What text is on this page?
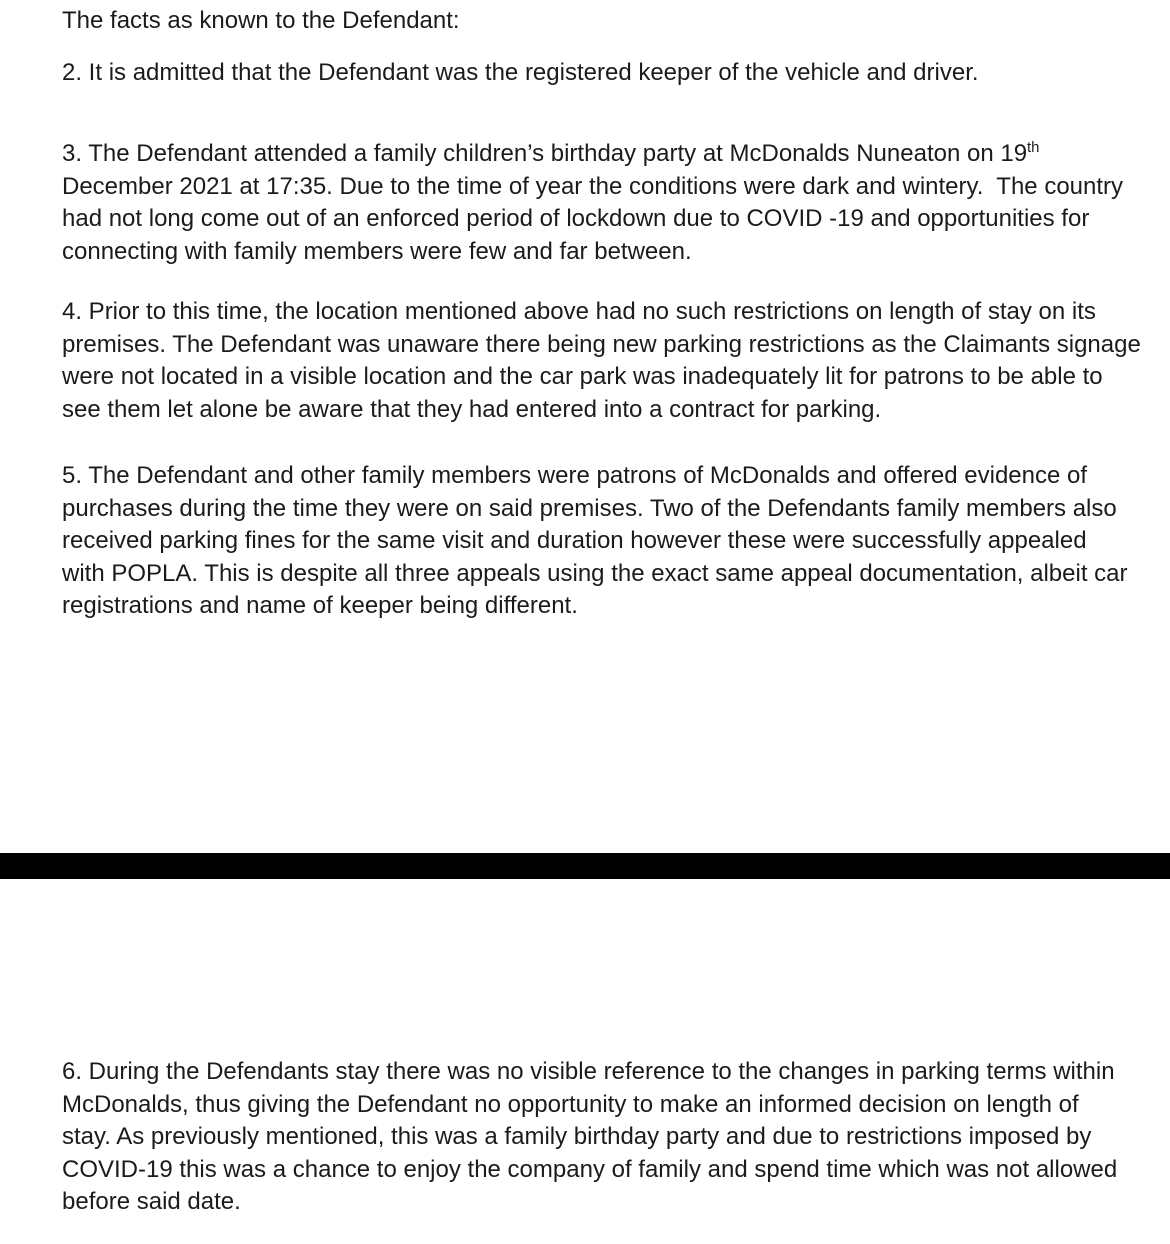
The facts as known to the Defendant:
2. It is admitted that the Defendant was the registered keeper of the vehicle and driver.
3. The Defendant attended a family children’s birthday party at McDonalds Nuneaton on 19th
December 2021 at 17:35. Due to the time of year the conditions were dark and wintery.  The country
had not long come out of an enforced period of lockdown due to COVID -19 and opportunities for
connecting with family members were few and far between.
4. Prior to this time, the location mentioned above had no such restrictions on length of stay on its
premises. The Defendant was unaware there being new parking restrictions as the Claimants signage
were not located in a visible location and the car park was inadequately lit for patrons to be able to
see them let alone be aware that they had entered into a contract for parking.
5. The Defendant and other family members were patrons of McDonalds and offered evidence of
purchases during the time they were on said premises. Two of the Defendants family members also
received parking fines for the same visit and duration however these were successfully appealed
with POPLA. This is despite all three appeals using the exact same appeal documentation, albeit car
registrations and name of keeper being different.
6. During the Defendants stay there was no visible reference to the changes in parking terms within
McDonalds, thus giving the Defendant no opportunity to make an informed decision on length of
stay. As previously mentioned, this was a family birthday party and due to restrictions imposed by
COVID-19 this was a chance to enjoy the company of family and spend time which was not allowed
before said date.
